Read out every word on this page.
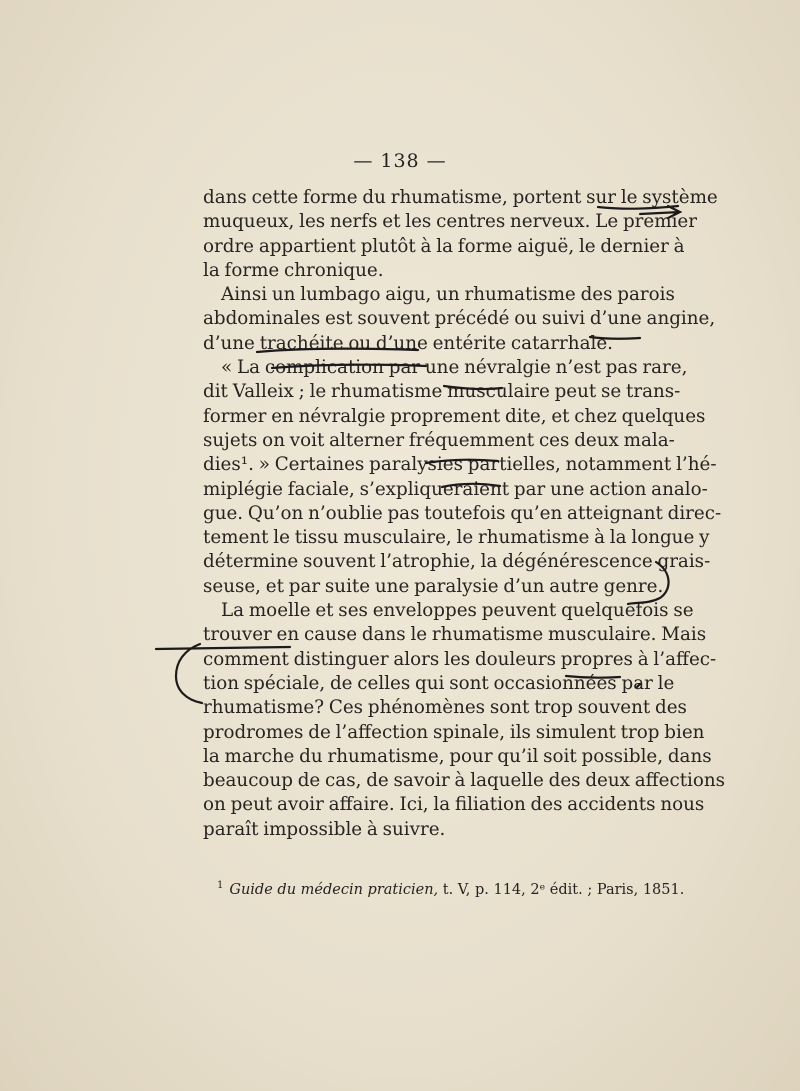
— 138 —
dans cette forme du rhumatisme, portent sur le système
muqueux, les nerfs et les centres nerveux. Le premier
ordre appartient plutôt à la forme aiguë, le dernier à
la forme chronique.
Ainsi un lumbago aigu, un rhumatisme des parois
abdominales est souvent précédé ou suivi d’une angine,
d’une trachéite ou d’une entérite catarrhale.
« La complication par une névralgie n’est pas rare,
dit Valleix ; le rhumatisme musculaire peut se trans-
former en névralgie proprement dite, et chez quelques
sujets on voit alterner fréquemment ces deux mala-
dies¹. » Certaines paralysies partielles, notamment l’hé-
miplégie faciale, s’expliqueraient par une action analo-
gue. Qu’on n’oublie pas toutefois qu’en atteignant direc-
tement le tissu musculaire, le rhumatisme à la longue y
détermine souvent l’atrophie, la dégénérescence grais-
seuse, et par suite une paralysie d’un autre genre.
La moelle et ses enveloppes peuvent quelquefois se
trouver en cause dans le rhumatisme musculaire. Mais
comment distinguer alors les douleurs propres à l’affec-
tion spéciale, de celles qui sont occasionnées par le
rhumatisme? Ces phénomènes sont trop souvent des
prodromes de l’affection spinale, ils simulent trop bien
la marche du rhumatisme, pour qu’il soit possible, dans
beaucoup de cas, de savoir à laquelle des deux affections
on peut avoir affaire. Ici, la filiation des accidents nous
paraît impossible à suivre.
$^1$ Guide du médecin praticien, t. V, p. 114, 2ᵉ édit. ; Paris, 1851.
